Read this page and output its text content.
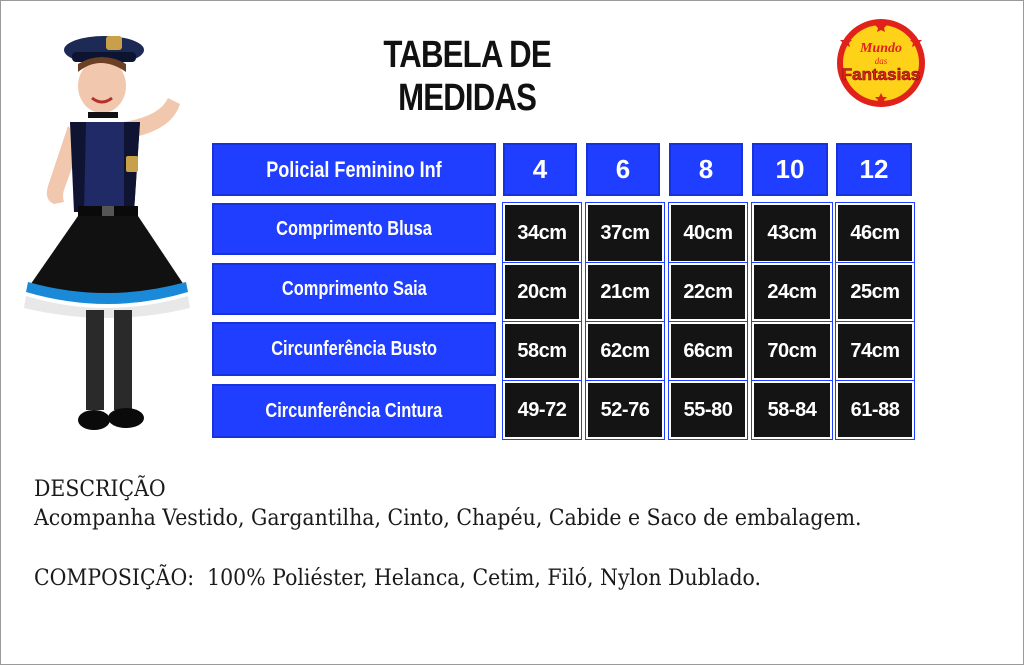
TABELA DE MEDIDAS
Mundo
das
Fantasias
Policial Feminino Inf	4	6	8	10	12
Comprimento Blusa	34cm	37cm	40cm	43cm	46cm
Comprimento Saia	20cm	21cm	22cm	24cm	25cm
Circunferência Busto	58cm	62cm	66cm	70cm	74cm
Circunferência Cintura	49-72	52-76	55-80	58-84	61-88
DESCRIÇÃO
Acompanha Vestido, Gargantilha, Cinto, Chapéu, Cabide e Saco de embalagem.
COMPOSIÇÃO: 100% Poliéster, Helanca, Cetim, Filó, Nylon Dublado.
